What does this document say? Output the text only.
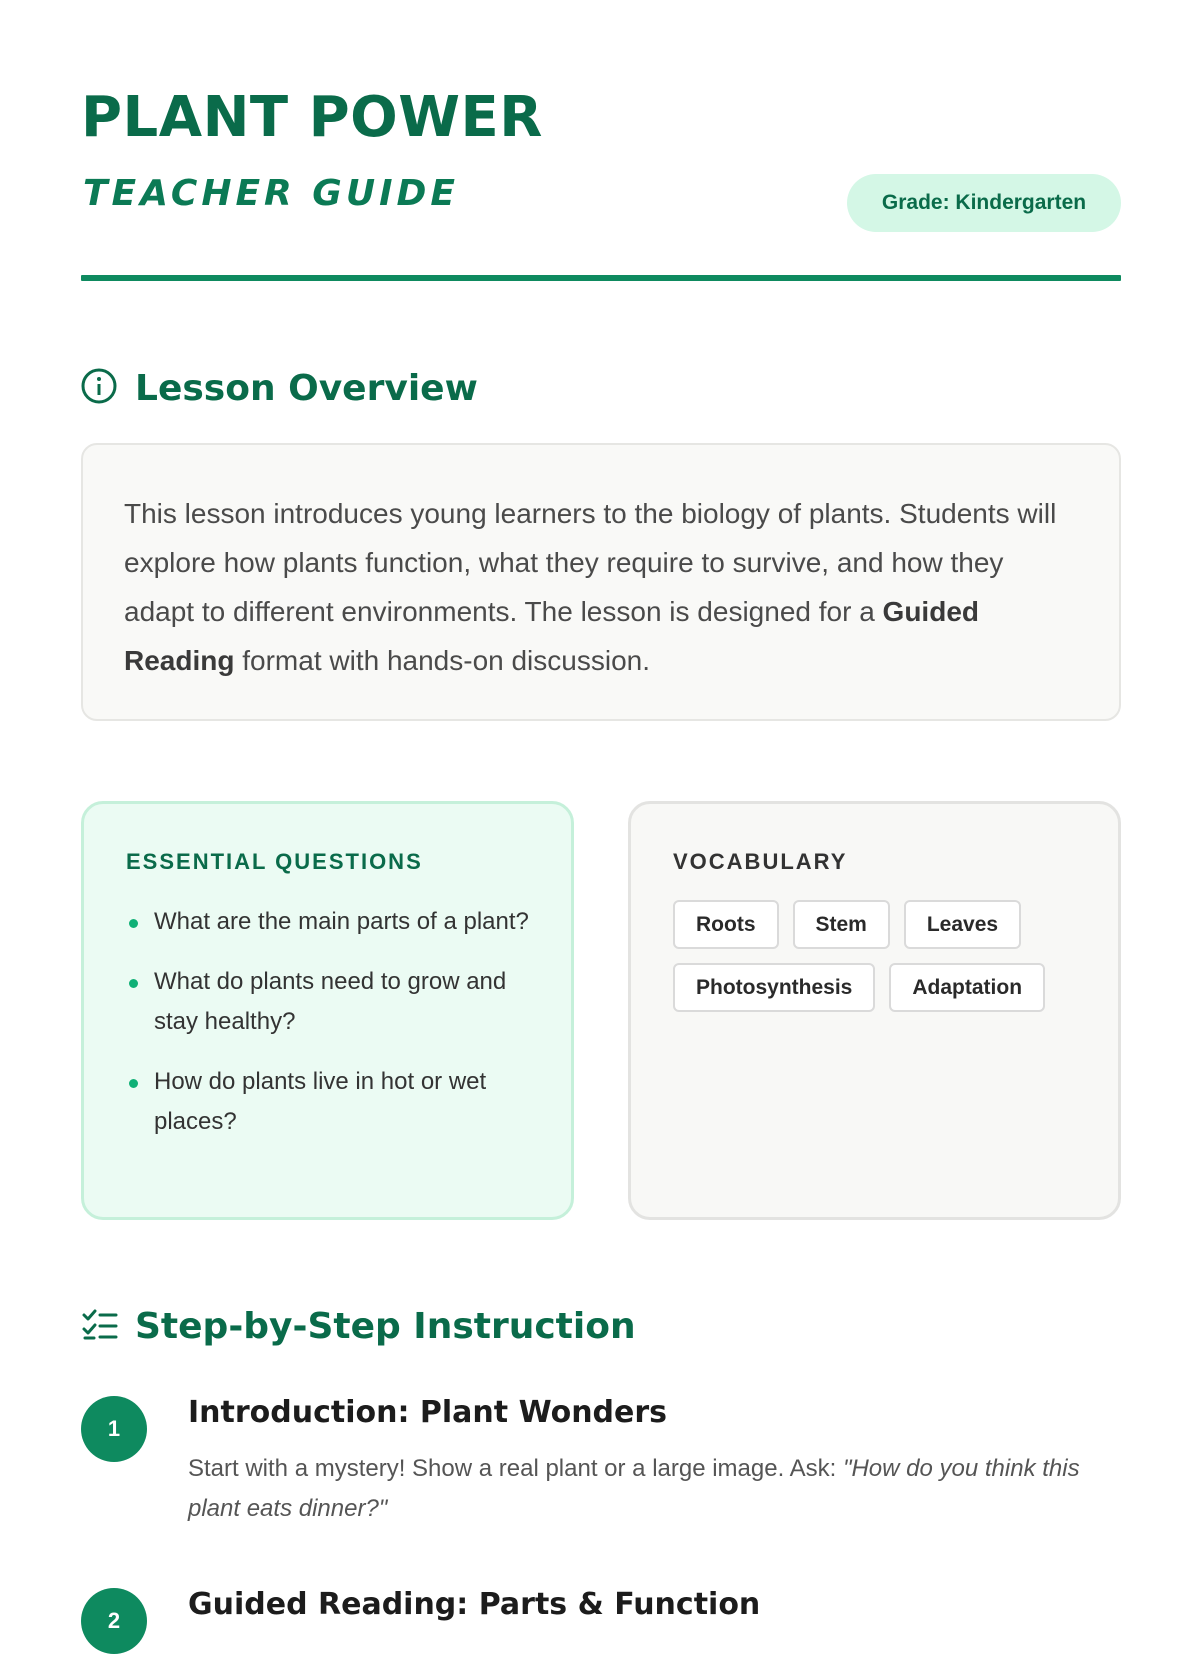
PLANT POWER
TEACHER GUIDE	Grade: Kindergarten
Lesson Overview

This lesson introduces young learners to the biology of plants. Students will explore how plants function, what they require to survive, and how they adapt to different environments. The lesson is designed for a Guided Reading format with hands-on discussion.

ESSENTIAL QUESTIONS
What are the main parts of a plant?
What do plants need to grow and stay healthy?
How do plants live in hot or wet places?
VOCABULARY
Roots	Stem	Leaves
Photosynthesis	Adaptation
Step-by-Step Instruction
1	Introduction: Plant Wonders

Start with a mystery! Show a real plant or a large image. Ask: "How do you think this plant eats dinner?"

2	Guided Reading: Parts & Function
